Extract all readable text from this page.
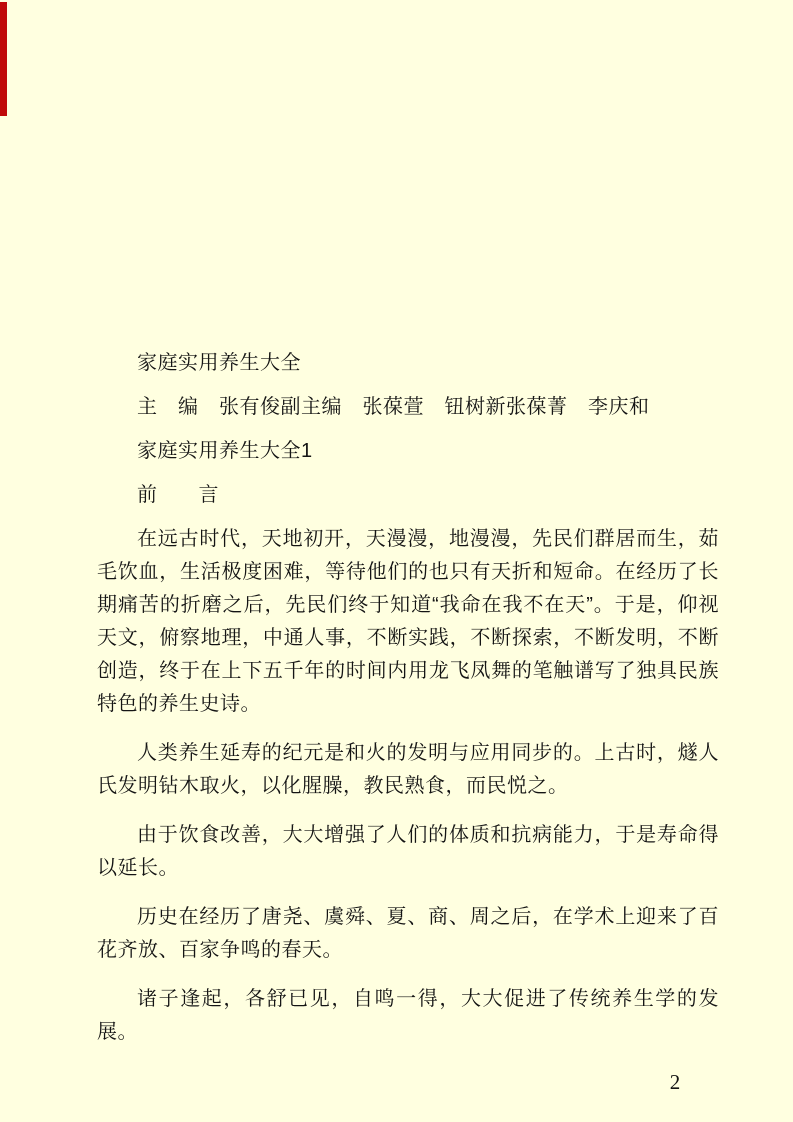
家庭实用养生大全

主　编　张有俊副主编　张葆萱　钮树新张葆菁　李庆和

家庭实用养生大全1

前　　言

在远古时代，天地初开，天漫漫，地漫漫，先民们群居而生，茹毛饮血，生活极度困难，等待他们的也只有天折和短命。在经历了长期痛苦的折磨之后，先民们终于知道“我命在我不在天”。于是，仰视天文，俯察地理，中通人事，不断实践，不断探索，不断发明，不断创造，终于在上下五千年的时间内用龙飞凤舞的笔触谱写了独具民族特色的养生史诗。

人类养生延寿的纪元是和火的发明与应用同步的。上古时，燧人氏发明钻木取火，以化腥臊，教民熟食，而民悦之。

由于饮食改善，大大增强了人们的体质和抗病能力，于是寿命得以延长。

历史在经历了唐尧、虞舜、夏、商、周之后，在学术上迎来了百花齐放、百家争鸣的春天。

诸子逢起，各舒已见，自鸣一得，大大促进了传统养生学的发展。

2
